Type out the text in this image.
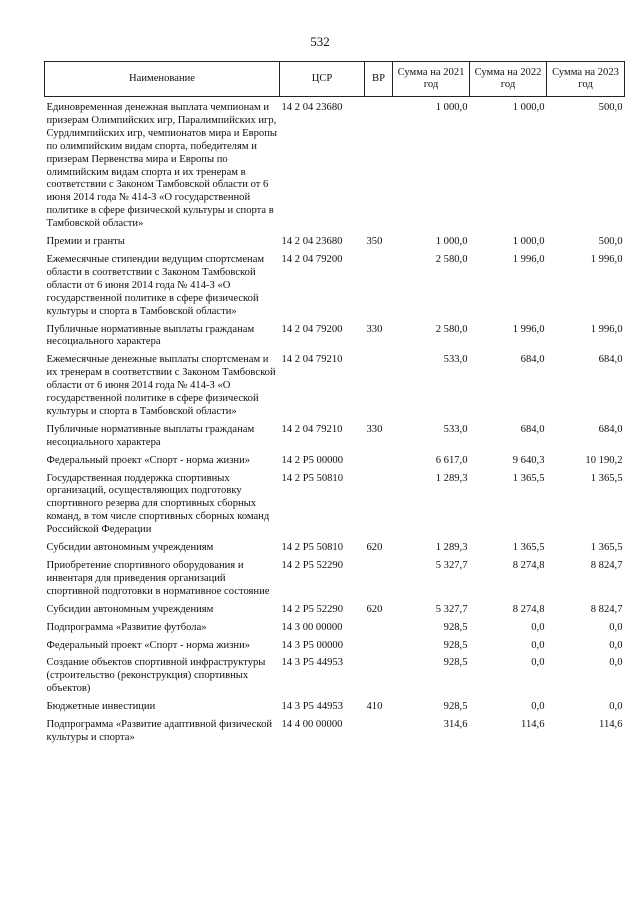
532
Наименование	ЦСР	ВР	Сумма на 2021 год	Сумма на 2022 год	Сумма на 2023 год
Единовременная денежная выплата чемпионам и призерам Олимпийских игр, Паралимпийских игр, Сурдлимпийских игр, чемпионатов мира и Европы по олимпийским видам спорта, победителям и призерам Первенства мира и Европы по олимпийским видам спорта и их тренерам в соответствии с Законом Тамбовской области от 6 июня 2014 года № 414-З «О государственной политике в сфере физической культуры и спорта в Тамбовской области»	14 2 04 23680		1 000,0	1 000,0	500,0
Премии и гранты	14 2 04 23680	350	1 000,0	1 000,0	500,0
Ежемесячные стипендии ведущим спортсменам области в соответствии с Законом Тамбовской области от 6 июня 2014 года № 414-З «О государственной политике в сфере физической культуры и спорта в Тамбовской области»	14 2 04 79200		2 580,0	1 996,0	1 996,0
Публичные нормативные выплаты гражданам несоциального характера	14 2 04 79200	330	2 580,0	1 996,0	1 996,0
Ежемесячные денежные выплаты спортсменам и их тренерам в соответствии с Законом Тамбовской области от 6 июня 2014 года № 414-З «О государственной политике в сфере физической культуры и спорта в Тамбовской области»	14 2 04 79210		533,0	684,0	684,0
Публичные нормативные выплаты гражданам несоциального характера	14 2 04 79210	330	533,0	684,0	684,0
Федеральный проект «Спорт - норма жизни»	14 2 P5 00000		6 617,0	9 640,3	10 190,2
Государственная поддержка спортивных организаций, осуществляющих подготовку спортивного резерва для спортивных сборных команд, в том числе спортивных сборных команд Российской Федерации	14 2 P5 50810		1 289,3	1 365,5	1 365,5
Субсидии автономным учреждениям	14 2 P5 50810	620	1 289,3	1 365,5	1 365,5
Приобретение спортивного оборудования и инвентаря для приведения организаций спортивной подготовки в нормативное состояние	14 2 P5 52290		5 327,7	8 274,8	8 824,7
Субсидии автономным учреждениям	14 2 P5 52290	620	5 327,7	8 274,8	8 824,7
Подпрограмма «Развитие футбола»	14 3 00 00000		928,5	0,0	0,0
Федеральный проект «Спорт - норма жизни»	14 3 P5 00000		928,5	0,0	0,0
Создание объектов спортивной инфраструктуры (строительство (реконструкция) спортивных объектов)	14 3 P5 44953		928,5	0,0	0,0
Бюджетные инвестиции	14 3 P5 44953	410	928,5	0,0	0,0
Подпрограмма «Развитие адаптивной физической культуры и спорта»	14 4 00 00000		314,6	114,6	114,6
